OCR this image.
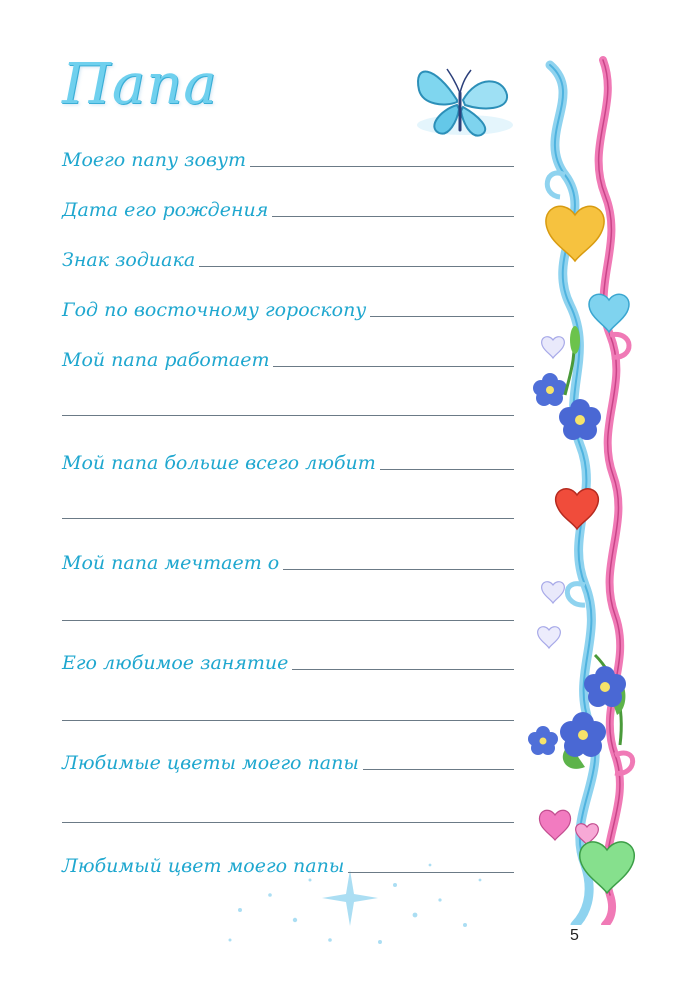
Папа
Моего папу зовут
Дата его рождения
Знак зодиака
Год по восточному гороскопу
Мой папа работает
Мой папа больше всего любит
Мой папа мечтает о
Его любимое занятие
Любимые цветы моего папы
Любимый цвет моего папы
5
